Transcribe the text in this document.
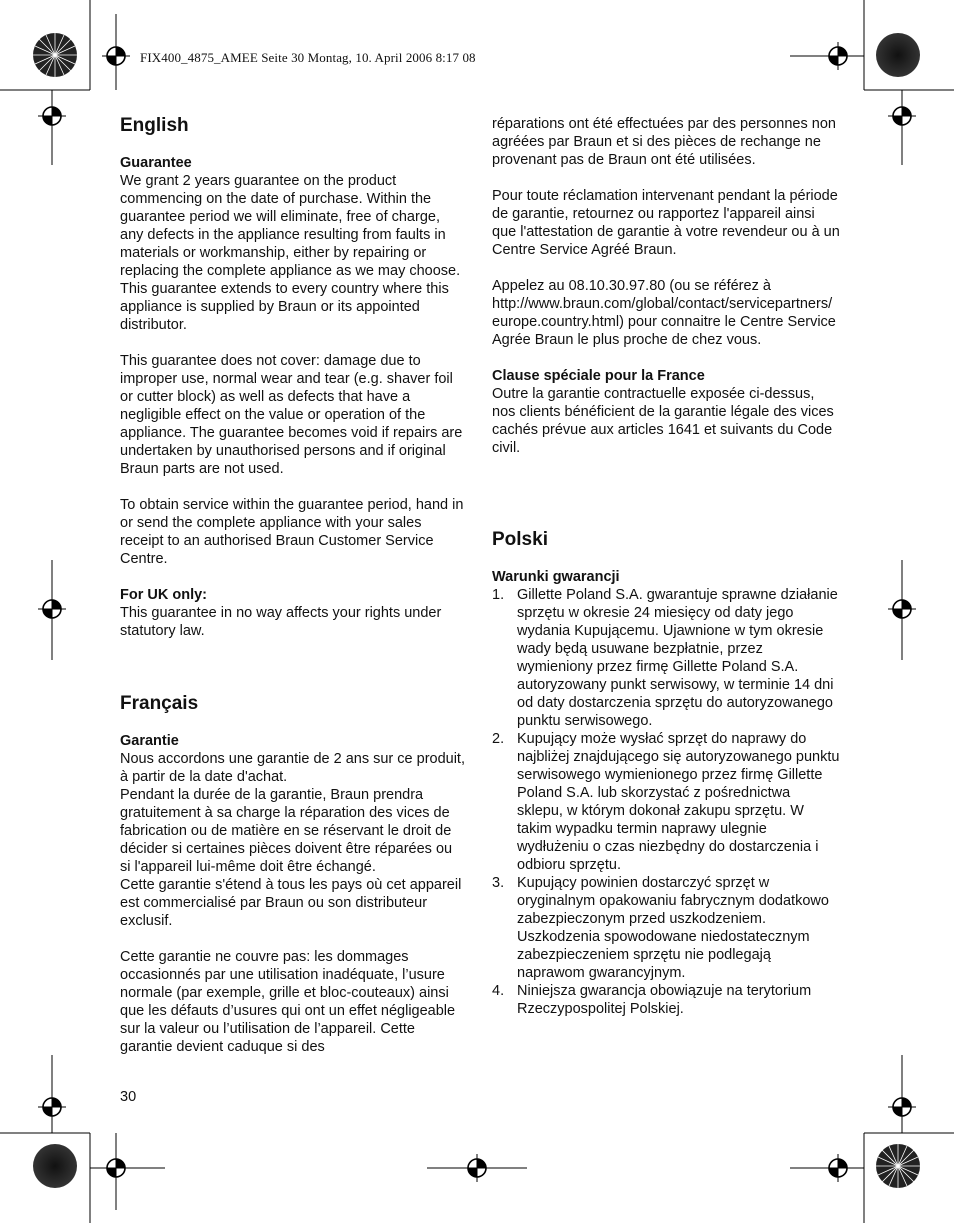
FIX400_4875_AMEE Seite 30 Montag, 10. April 2006 8:17 08
English

Guarantee

We grant 2 years guarantee on the product commencing on the date of purchase. Within the guarantee period we will eliminate, free of charge, any defects in the appliance resulting from faults in materials or workmanship, either by repairing or replacing the complete appliance as we may choose.

This guarantee extends to every country where this appliance is supplied by Braun or its appointed distributor.

This guarantee does not cover: damage due to improper use, normal wear and tear (e.g. shaver foil or cutter block) as well as defects that have a negligible effect on the value or operation of the appliance. The guarantee becomes void if repairs are undertaken by unauthorised persons and if original Braun parts are not used.

To obtain service within the guarantee period, hand in or send the complete appliance with your sales receipt to an authorised Braun Customer Service Centre.

For UK only:

This guarantee in no way affects your rights under statutory law.

Français

Garantie

Nous accordons une garantie de 2 ans sur ce produit, à partir de la date d'achat.

Pendant la durée de la garantie, Braun prendra gratuitement à sa charge la réparation des vices de fabrication ou de matière en se réservant le droit de décider si certaines pièces doivent être réparées ou si l'appareil lui-même doit être échangé.

Cette garantie s'étend à tous les pays où cet appareil est commercialisé par Braun ou son distributeur exclusif.

Cette garantie ne couvre pas: les dommages occasionnés par une utilisation inadéquate, l’usure normale (par exemple, grille et bloc-couteaux) ainsi que les défauts d’usures qui ont un effet négligeable sur la valeur ou l’utilisation de l’appareil. Cette garantie devient caduque si des

réparations ont été effectuées par des personnes non agréées par Braun et si des pièces de rechange ne provenant pas de Braun ont été utilisées.

Pour toute réclamation intervenant pendant la période de garantie, retournez ou rapportez l'appareil ainsi que l'attestation de garantie à votre revendeur ou à un Centre Service Agréé Braun.

Appelez au 08.10.30.97.80 (ou se référez à http://www.braun.com/global/contact/servicepartners/europe.country.html) pour connaitre le Centre Service Agrée Braun le plus proche de chez vous.

Clause spéciale pour la France

Outre la garantie contractuelle exposée ci-dessus, nos clients bénéficient de la garantie légale des vices cachés prévue aux articles 1641 et suivants du Code civil.

Polski

Warunki gwarancji

1. Gillette Poland S.A. gwarantuje sprawne działanie sprzętu w okresie 24 miesięcy od daty jego wydania Kupującemu. Ujawnione w tym okresie wady będą usuwane bezpłatnie, przez wymieniony przez firmę Gillette Poland S.A. autoryzowany punkt serwisowy, w terminie 14 dni od daty dostarczenia sprzętu do autoryzowanego punktu serwisowego.
2. Kupujący może wysłać sprzęt do naprawy do najbliżej znajdującego się autoryzowanego punktu serwisowego wymienionego przez firmę Gillette Poland S.A. lub skorzystać z pośrednictwa sklepu, w którym dokonał zakupu sprzętu. W takim wypadku termin naprawy ulegnie wydłużeniu o czas niezbędny do dostarczenia i odbioru sprzętu.
3. Kupujący powinien dostarczyć sprzęt w oryginalnym opakowaniu fabrycznym dodatkowo zabezpieczonym przed uszkodzeniem. Uszkodzenia spowodowane niedostatecznym zabezpieczeniem sprzętu nie podlegają naprawom gwarancyjnym.
4. Niniejsza gwarancja obowiązuje na terytorium Rzeczypospolitej Polskiej.
30
